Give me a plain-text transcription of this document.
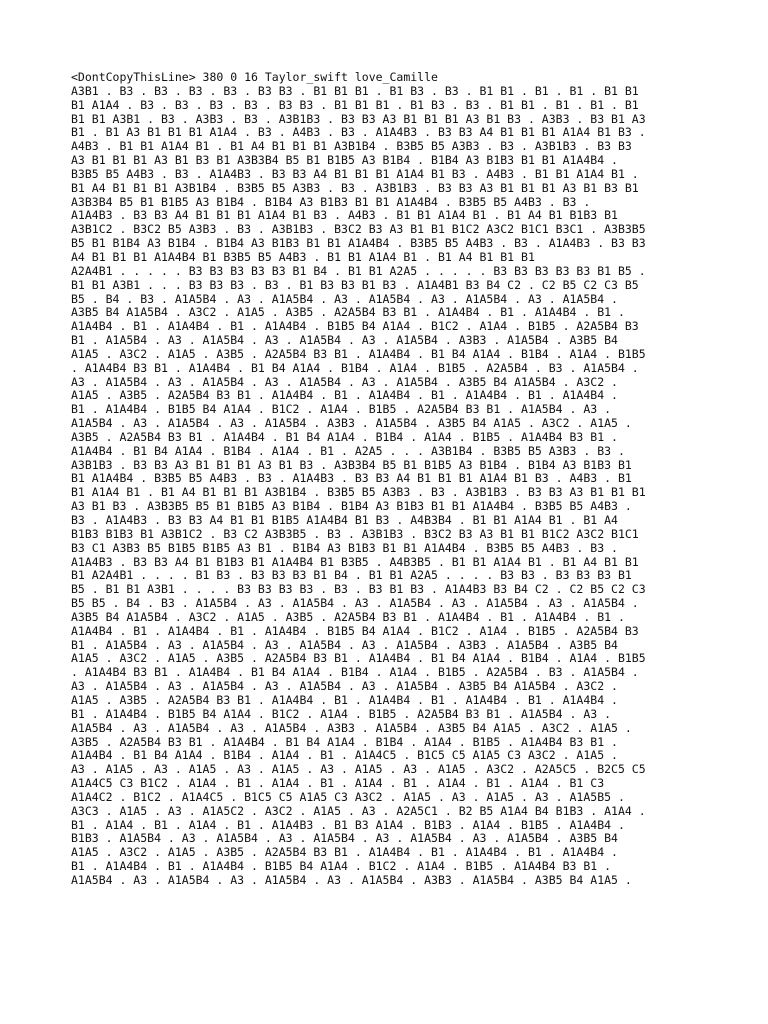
<DontCopyThisLine> 380 0 16 Taylor_swift love_Camille
A3B1 . B3 . B3 . B3 . B3 . B3 B3 . B1 B1 B1 . B1 B3 . B3 . B1 B1 . B1 . B1 . B1 B1
B1 A1A4 . B3 . B3 . B3 . B3 . B3 B3 . B1 B1 B1 . B1 B3 . B3 . B1 B1 . B1 . B1 . B1
B1 B1 A3B1 . B3 . A3B3 . B3 . A3B1B3 . B3 B3 A3 B1 B1 B1 A3 B1 B3 . A3B3 . B3 B1 A3
B1 . B1 A3 B1 B1 B1 A1A4 . B3 . A4B3 . B3 . A1A4B3 . B3 B3 A4 B1 B1 B1 A1A4 B1 B3 .
A4B3 . B1 B1 A1A4 B1 . B1 A4 B1 B1 B1 A3B1B4 . B3B5 B5 A3B3 . B3 . A3B1B3 . B3 B3
A3 B1 B1 B1 A3 B1 B3 B1 A3B3B4 B5 B1 B1B5 A3 B1B4 . B1B4 A3 B1B3 B1 B1 A1A4B4 .
B3B5 B5 A4B3 . B3 . A1A4B3 . B3 B3 A4 B1 B1 B1 A1A4 B1 B3 . A4B3 . B1 B1 A1A4 B1 .
B1 A4 B1 B1 B1 A3B1B4 . B3B5 B5 A3B3 . B3 . A3B1B3 . B3 B3 A3 B1 B1 B1 A3 B1 B3 B1
A3B3B4 B5 B1 B1B5 A3 B1B4 . B1B4 A3 B1B3 B1 B1 A1A4B4 . B3B5 B5 A4B3 . B3 .
A1A4B3 . B3 B3 A4 B1 B1 B1 A1A4 B1 B3 . A4B3 . B1 B1 A1A4 B1 . B1 A4 B1 B1B3 B1
A3B1C2 . B3C2 B5 A3B3 . B3 . A3B1B3 . B3C2 B3 A3 B1 B1 B1C2 A3C2 B1C1 B3C1 . A3B3B5
B5 B1 B1B4 A3 B1B4 . B1B4 A3 B1B3 B1 B1 A1A4B4 . B3B5 B5 A4B3 . B3 . A1A4B3 . B3 B3
A4 B1 B1 B1 A1A4B4 B1 B3B5 B5 A4B3 . B1 B1 A1A4 B1 . B1 A4 B1 B1 B1
A2A4B1 . . . . . B3 B3 B3 B3 B3 B1 B4 . B1 B1 A2A5 . . . . . B3 B3 B3 B3 B3 B1 B5 .
B1 B1 A3B1 . . . B3 B3 B3 . B3 . B1 B3 B3 B1 B3 . A1A4B1 B3 B4 C2 . C2 B5 C2 C3 B5
B5 . B4 . B3 . A1A5B4 . A3 . A1A5B4 . A3 . A1A5B4 . A3 . A1A5B4 . A3 . A1A5B4 .
A3B5 B4 A1A5B4 . A3C2 . A1A5 . A3B5 . A2A5B4 B3 B1 . A1A4B4 . B1 . A1A4B4 . B1 .
A1A4B4 . B1 . A1A4B4 . B1 . A1A4B4 . B1B5 B4 A1A4 . B1C2 . A1A4 . B1B5 . A2A5B4 B3
B1 . A1A5B4 . A3 . A1A5B4 . A3 . A1A5B4 . A3 . A1A5B4 . A3B3 . A1A5B4 . A3B5 B4
A1A5 . A3C2 . A1A5 . A3B5 . A2A5B4 B3 B1 . A1A4B4 . B1 B4 A1A4 . B1B4 . A1A4 . B1B5
. A1A4B4 B3 B1 . A1A4B4 . B1 B4 A1A4 . B1B4 . A1A4 . B1B5 . A2A5B4 . B3 . A1A5B4 .
A3 . A1A5B4 . A3 . A1A5B4 . A3 . A1A5B4 . A3 . A1A5B4 . A3B5 B4 A1A5B4 . A3C2 .
A1A5 . A3B5 . A2A5B4 B3 B1 . A1A4B4 . B1 . A1A4B4 . B1 . A1A4B4 . B1 . A1A4B4 .
B1 . A1A4B4 . B1B5 B4 A1A4 . B1C2 . A1A4 . B1B5 . A2A5B4 B3 B1 . A1A5B4 . A3 .
A1A5B4 . A3 . A1A5B4 . A3 . A1A5B4 . A3B3 . A1A5B4 . A3B5 B4 A1A5 . A3C2 . A1A5 .
A3B5 . A2A5B4 B3 B1 . A1A4B4 . B1 B4 A1A4 . B1B4 . A1A4 . B1B5 . A1A4B4 B3 B1 .
A1A4B4 . B1 B4 A1A4 . B1B4 . A1A4 . B1 . A2A5 . . . A3B1B4 . B3B5 B5 A3B3 . B3 .
A3B1B3 . B3 B3 A3 B1 B1 B1 A3 B1 B3 . A3B3B4 B5 B1 B1B5 A3 B1B4 . B1B4 A3 B1B3 B1
B1 A1A4B4 . B3B5 B5 A4B3 . B3 . A1A4B3 . B3 B3 A4 B1 B1 B1 A1A4 B1 B3 . A4B3 . B1
B1 A1A4 B1 . B1 A4 B1 B1 B1 A3B1B4 . B3B5 B5 A3B3 . B3 . A3B1B3 . B3 B3 A3 B1 B1 B1
A3 B1 B3 . A3B3B5 B5 B1 B1B5 A3 B1B4 . B1B4 A3 B1B3 B1 B1 A1A4B4 . B3B5 B5 A4B3 .
B3 . A1A4B3 . B3 B3 A4 B1 B1 B1B5 A1A4B4 B1 B3 . A4B3B4 . B1 B1 A1A4 B1 . B1 A4
B1B3 B1B3 B1 A3B1C2 . B3 C2 A3B3B5 . B3 . A3B1B3 . B3C2 B3 A3 B1 B1 B1C2 A3C2 B1C1
B3 C1 A3B3 B5 B1B5 B1B5 A3 B1 . B1B4 A3 B1B3 B1 B1 A1A4B4 . B3B5 B5 A4B3 . B3 .
A1A4B3 . B3 B3 A4 B1 B1B3 B1 A1A4B4 B1 B3B5 . A4B3B5 . B1 B1 A1A4 B1 . B1 A4 B1 B1
B1 A2A4B1 . . . . B1 B3 . B3 B3 B3 B1 B4 . B1 B1 A2A5 . . . . B3 B3 . B3 B3 B3 B1
B5 . B1 B1 A3B1 . . . . B3 B3 B3 B3 . B3 . B3 B1 B3 . A1A4B3 B3 B4 C2 . C2 B5 C2 C3
B5 B5 . B4 . B3 . A1A5B4 . A3 . A1A5B4 . A3 . A1A5B4 . A3 . A1A5B4 . A3 . A1A5B4 .
A3B5 B4 A1A5B4 . A3C2 . A1A5 . A3B5 . A2A5B4 B3 B1 . A1A4B4 . B1 . A1A4B4 . B1 .
A1A4B4 . B1 . A1A4B4 . B1 . A1A4B4 . B1B5 B4 A1A4 . B1C2 . A1A4 . B1B5 . A2A5B4 B3
B1 . A1A5B4 . A3 . A1A5B4 . A3 . A1A5B4 . A3 . A1A5B4 . A3B3 . A1A5B4 . A3B5 B4
A1A5 . A3C2 . A1A5 . A3B5 . A2A5B4 B3 B1 . A1A4B4 . B1 B4 A1A4 . B1B4 . A1A4 . B1B5
. A1A4B4 B3 B1 . A1A4B4 . B1 B4 A1A4 . B1B4 . A1A4 . B1B5 . A2A5B4 . B3 . A1A5B4 .
A3 . A1A5B4 . A3 . A1A5B4 . A3 . A1A5B4 . A3 . A1A5B4 . A3B5 B4 A1A5B4 . A3C2 .
A1A5 . A3B5 . A2A5B4 B3 B1 . A1A4B4 . B1 . A1A4B4 . B1 . A1A4B4 . B1 . A1A4B4 .
B1 . A1A4B4 . B1B5 B4 A1A4 . B1C2 . A1A4 . B1B5 . A2A5B4 B3 B1 . A1A5B4 . A3 .
A1A5B4 . A3 . A1A5B4 . A3 . A1A5B4 . A3B3 . A1A5B4 . A3B5 B4 A1A5 . A3C2 . A1A5 .
A3B5 . A2A5B4 B3 B1 . A1A4B4 . B1 B4 A1A4 . B1B4 . A1A4 . B1B5 . A1A4B4 B3 B1 .
A1A4B4 . B1 B4 A1A4 . B1B4 . A1A4 . B1 . A1A4C5 . B1C5 C5 A1A5 C3 A3C2 . A1A5 .
A3 . A1A5 . A3 . A1A5 . A3 . A1A5 . A3 . A1A5 . A3 . A1A5 . A3C2 . A2A5C5 . B2C5 C5
A1A4C5 C3 B1C2 . A1A4 . B1 . A1A4 . B1 . A1A4 . B1 . A1A4 . B1 . A1A4 . B1 C3
A1A4C2 . B1C2 . A1A4C5 . B1C5 C5 A1A5 C3 A3C2 . A1A5 . A3 . A1A5 . A3 . A1A5B5 .
A3C3 . A1A5 . A3 . A1A5C2 . A3C2 . A1A5 . A3 . A2A5C1 . B2 B5 A1A4 B4 B1B3 . A1A4 .
B1 . A1A4 . B1 . A1A4 . B1 . A1A4B3 . B1 B3 A1A4 . B1B3 . A1A4 . B1B5 . A1A4B4 .
B1B3 . A1A5B4 . A3 . A1A5B4 . A3 . A1A5B4 . A3 . A1A5B4 . A3 . A1A5B4 . A3B5 B4
A1A5 . A3C2 . A1A5 . A3B5 . A2A5B4 B3 B1 . A1A4B4 . B1 . A1A4B4 . B1 . A1A4B4 .
B1 . A1A4B4 . B1 . A1A4B4 . B1B5 B4 A1A4 . B1C2 . A1A4 . B1B5 . A1A4B4 B3 B1 .
A1A5B4 . A3 . A1A5B4 . A3 . A1A5B4 . A3 . A1A5B4 . A3B3 . A1A5B4 . A3B5 B4 A1A5 .
